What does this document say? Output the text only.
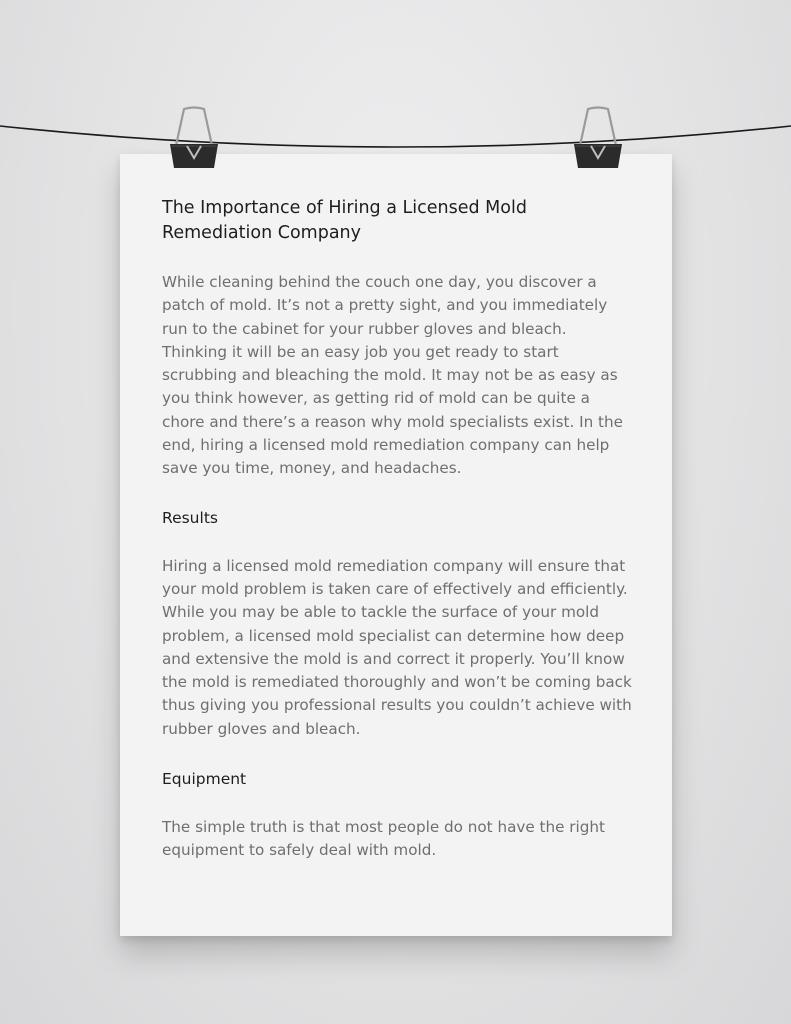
The Importance of Hiring a Licensed Mold Remediation Company

While cleaning behind the couch one day, you discover a patch of mold. It’s not a pretty sight, and you immediately run to the cabinet for your rubber gloves and bleach. Thinking it will be an easy job you get ready to start scrubbing and bleaching the mold. It may not be as easy as you think however, as getting rid of mold can be quite a chore and there’s a reason why mold specialists exist. In the end, hiring a licensed mold remediation company can help save you time, money, and headaches.

Results

Hiring a licensed mold remediation company will ensure that your mold problem is taken care of effectively and efficiently. While you may be able to tackle the surface of your mold problem, a licensed mold specialist can determine how deep and extensive the mold is and correct it properly. You’ll know the mold is remediated thoroughly and won’t be coming back thus giving you professional results you couldn’t achieve with rubber gloves and bleach.

Equipment

The simple truth is that most people do not have the right equipment to safely deal with mold.
